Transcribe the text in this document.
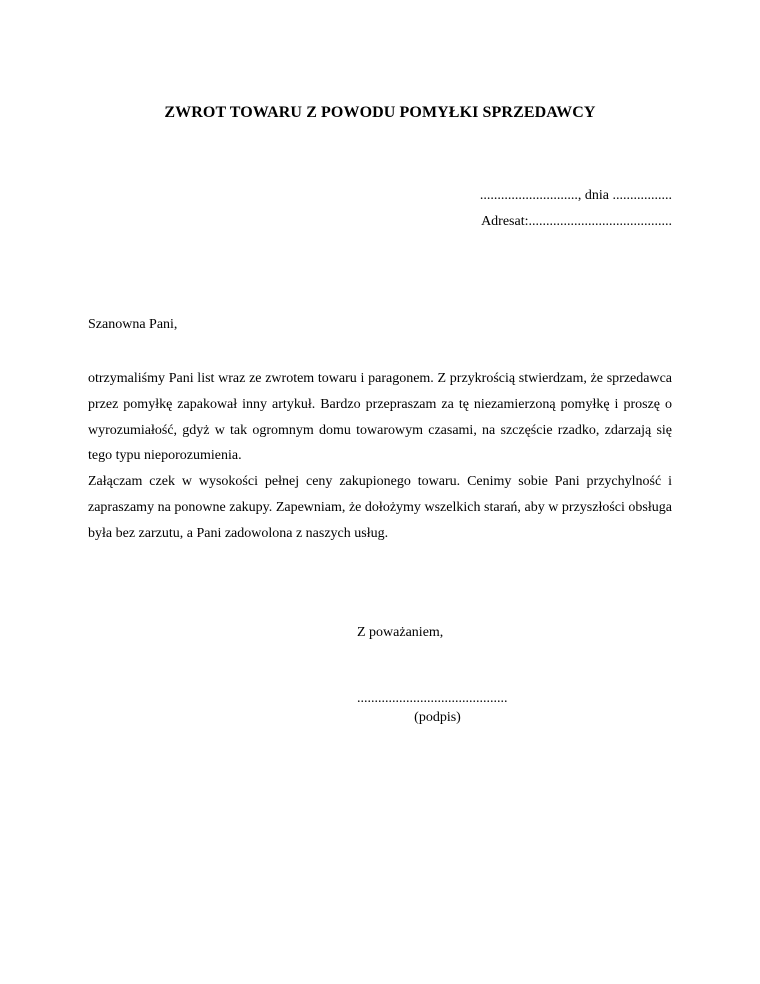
ZWROT TOWARU Z POWODU POMYŁKI SPRZEDAWCY
............................, dnia .................
Adresat:.........................................
Szanowna Pani,

otrzymaliśmy Pani list wraz ze zwrotem towaru i paragonem. Z przykrością stwierdzam, że sprzedawca przez pomyłkę zapakował inny artykuł. Bardzo przepraszam za tę niezamierzoną pomyłkę i proszę o wyrozumiałość, gdyż w tak ogromnym domu towarowym czasami, na szczęście rzadko, zdarzają się tego typu nieporozumienia.

Załączam czek w wysokości pełnej ceny zakupionego towaru. Cenimy sobie Pani przychylność i zapraszamy na ponowne zakupy. Zapewniam, że dołożymy wszelkich starań, aby w przyszłości obsługa była bez zarzutu, a Pani zadowolona z naszych usług.

Z poważaniem,
...........................................
(podpis)
